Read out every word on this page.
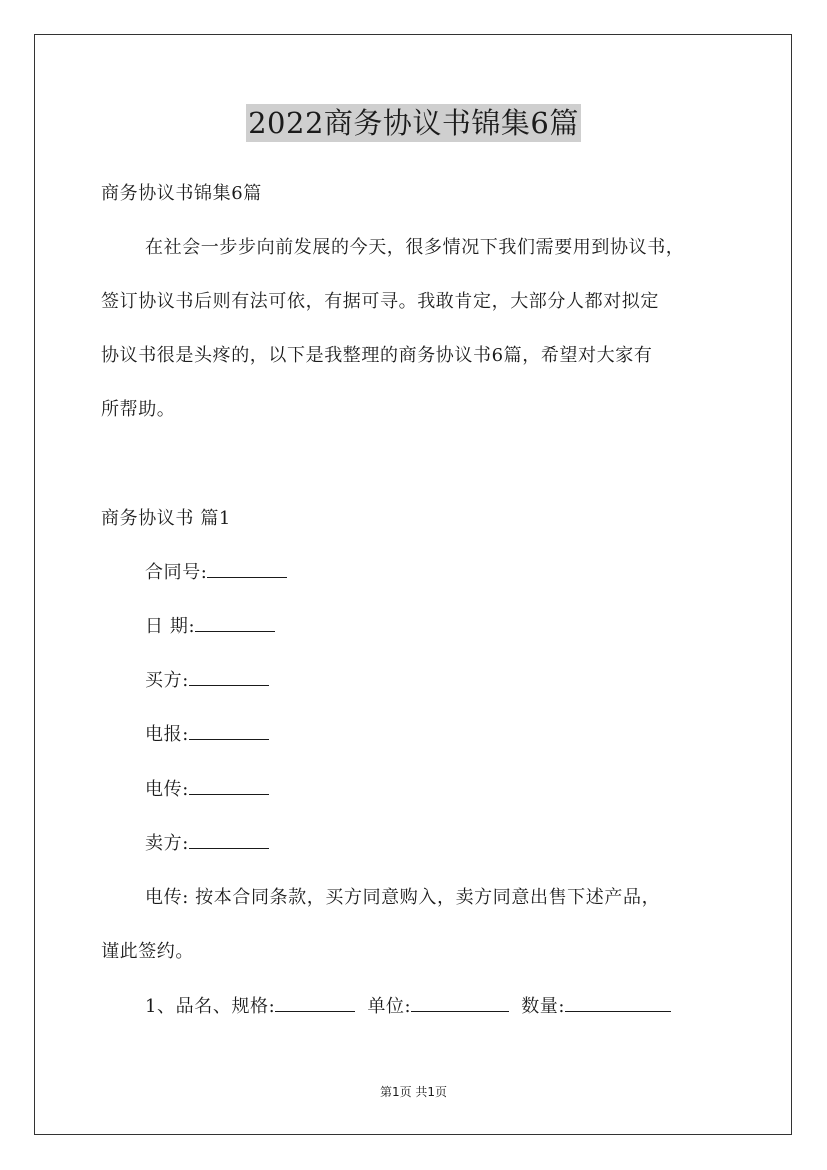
2022商务协议书锦集6篇

商务协议书锦集6篇

在社会一步步向前发展的今天，很多情况下我们需要用到协议书，

签订协议书后则有法可依，有据可寻。我敢肯定，大部分人都对拟定

协议书很是头疼的，以下是我整理的商务协议书6篇，希望对大家有

所帮助。

商务协议书 篇1

合同号:

日 期:

买方:

电报:

电传:

卖方:

电传: 按本合同条款，买方同意购入，卖方同意出售下述产品，

谨此签约。

1、品名、规格:	单位:	数量:

第1页 共1页
